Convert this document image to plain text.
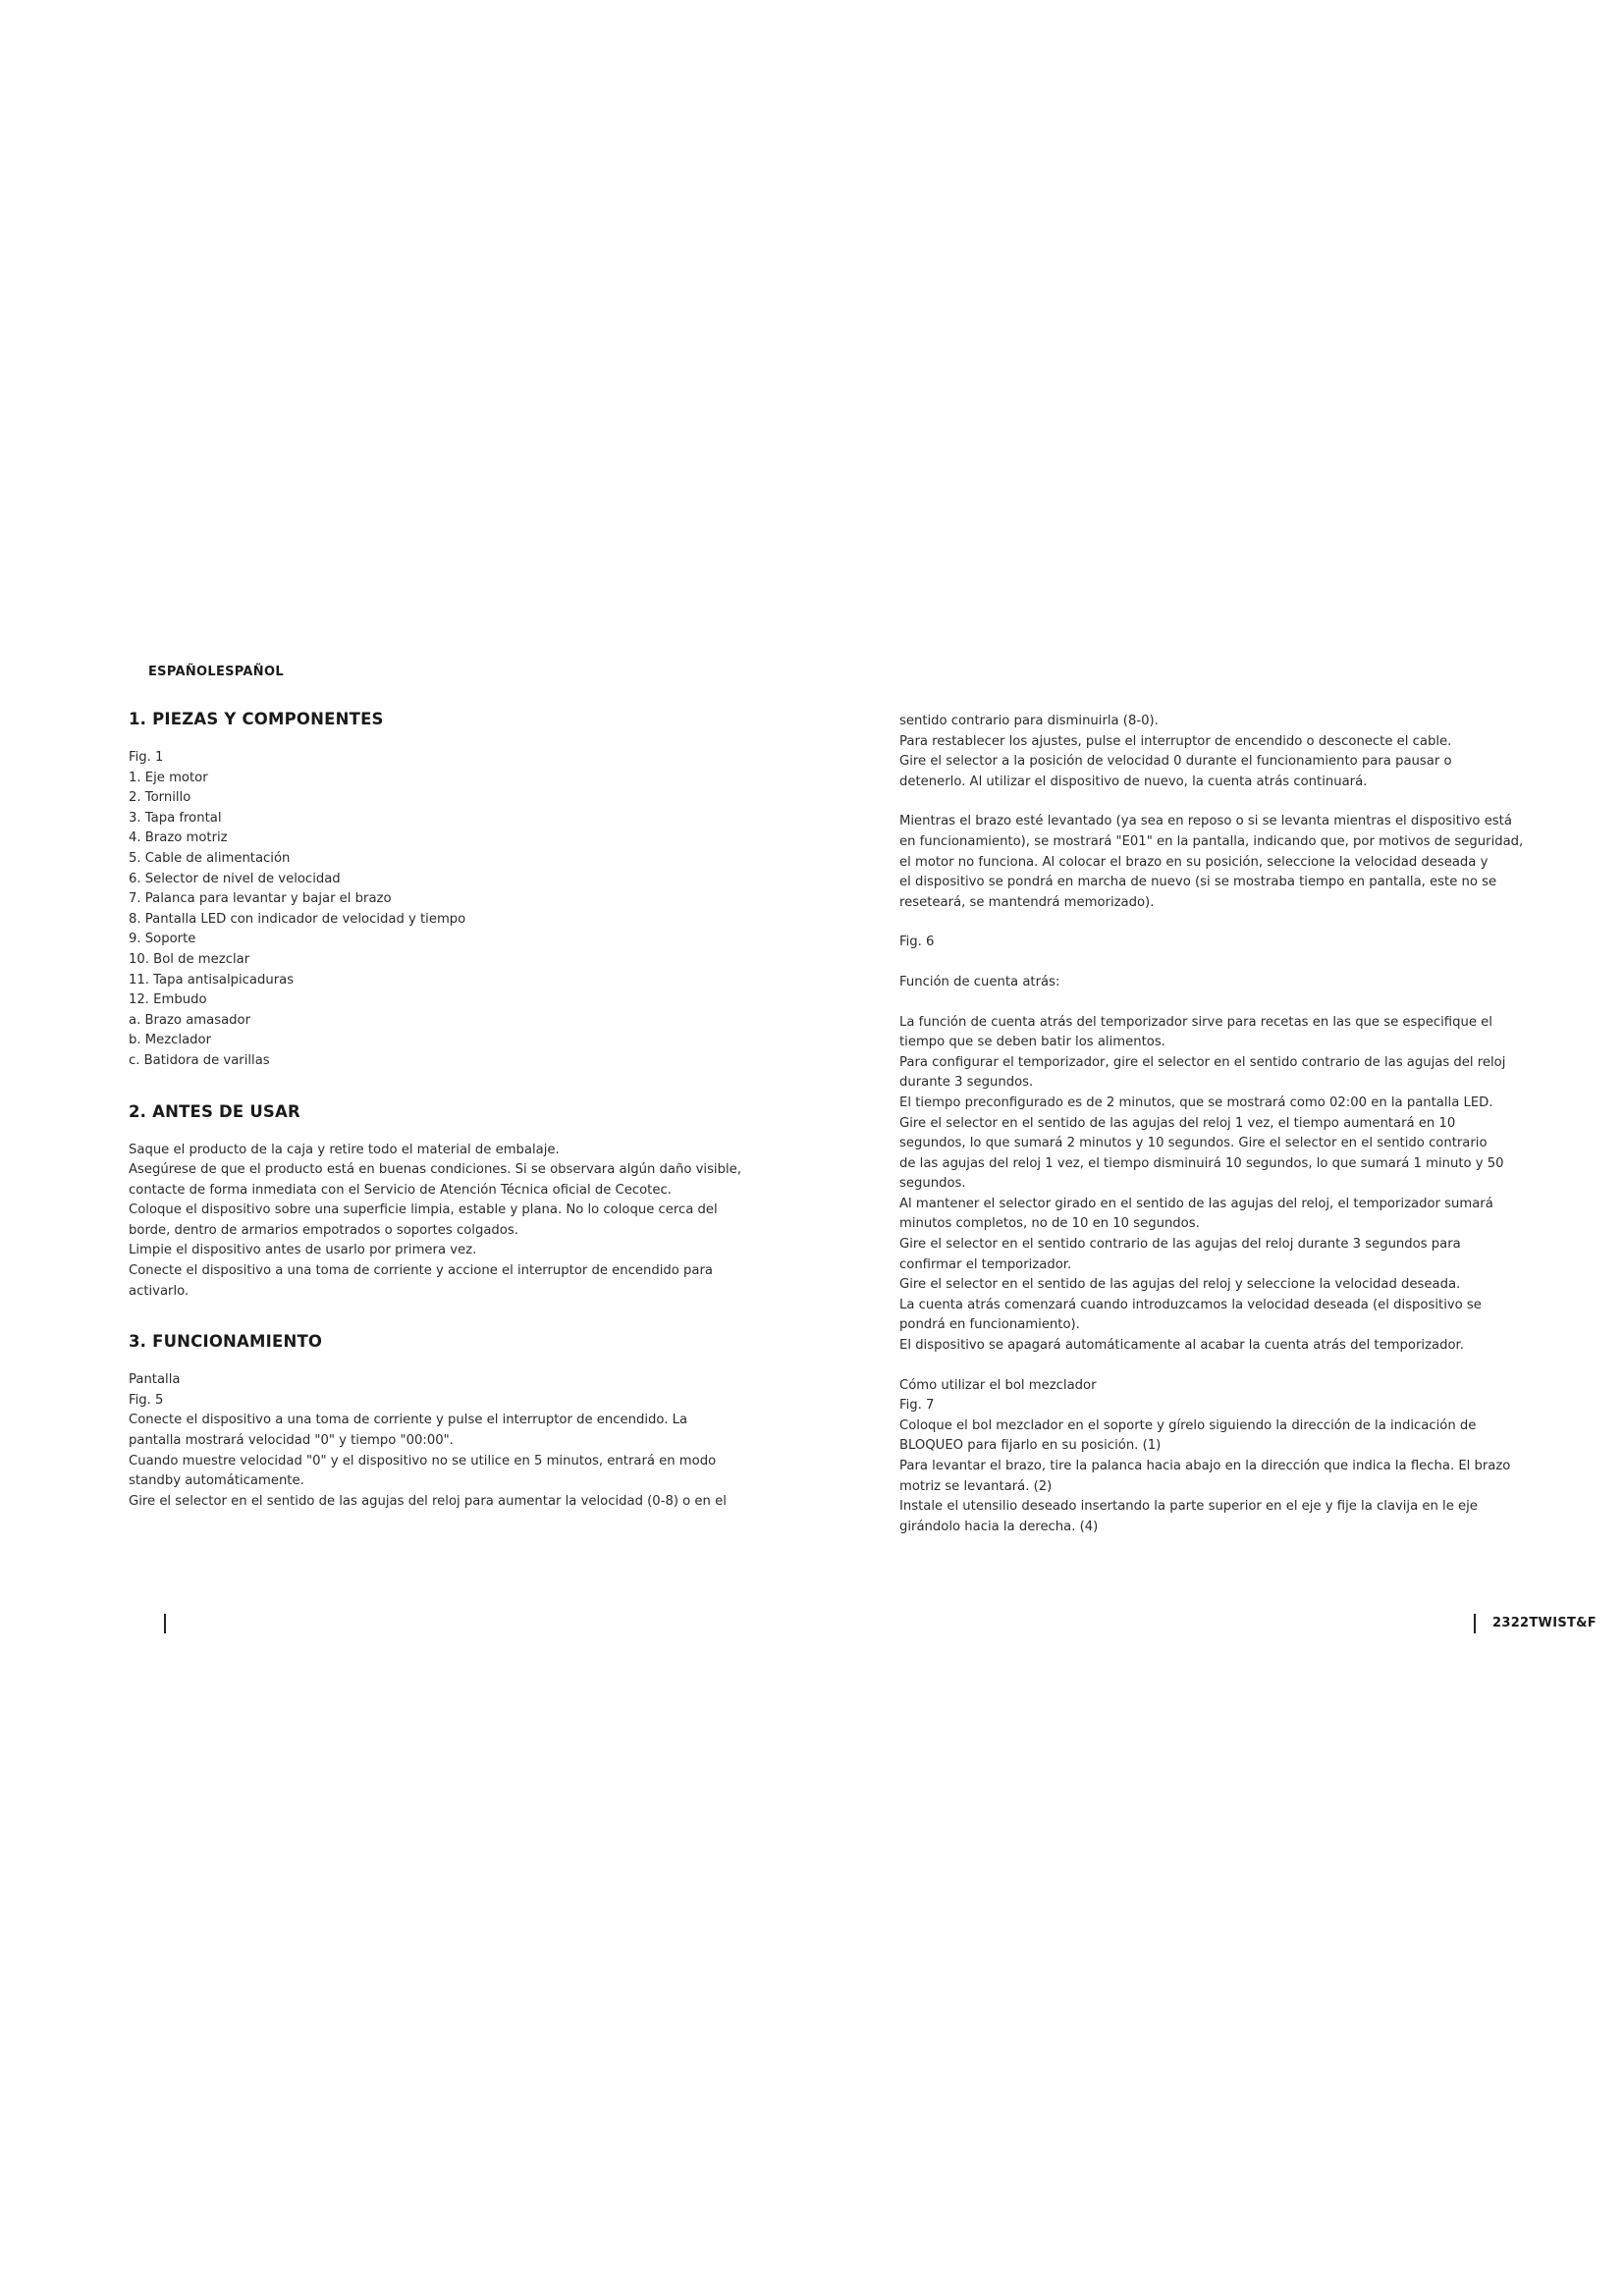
ESPAÑOLESPAÑOL
1. PIEZAS Y COMPONENTES

Fig. 1

1. Eje motor
2. Tornillo
3. Tapa frontal
4. Brazo motriz
5. Cable de alimentación
6. Selector de nivel de velocidad
7. Palanca para levantar y bajar el brazo
8. Pantalla LED con indicador de velocidad y tiempo
9. Soporte
10. Bol de mezclar
11. Tapa antisalpicaduras
12. Embudo
a. Brazo amasador
b. Mezclador
c. Batidora de varillas
2. ANTES DE USAR

Saque el producto de la caja y retire todo el material de embalaje.

Asegúrese de que el producto está en buenas condiciones. Si se observara algún daño visible,

contacte de forma inmediata con el Servicio de Atención Técnica oficial de Cecotec.

Coloque el dispositivo sobre una superficie limpia, estable y plana. No lo coloque cerca del

borde, dentro de armarios empotrados o soportes colgados.

Limpie el dispositivo antes de usarlo por primera vez.

Conecte el dispositivo a una toma de corriente y accione el interruptor de encendido para

activarlo.

3. FUNCIONAMIENTO

Pantalla

Fig. 5

Conecte el dispositivo a una toma de corriente y pulse el interruptor de encendido. La

pantalla mostrará velocidad "0" y tiempo "00:00".

Cuando muestre velocidad "0" y el dispositivo no se utilice en 5 minutos, entrará en modo

standby automáticamente.

Gire el selector en el sentido de las agujas del reloj para aumentar la velocidad (0-8) o en el

sentido contrario para disminuirla (8-0).

Para restablecer los ajustes, pulse el interruptor de encendido o desconecte el cable.

Gire el selector a la posición de velocidad 0 durante el funcionamiento para pausar o

detenerlo. Al utilizar el dispositivo de nuevo, la cuenta atrás continuará.

Mientras el brazo esté levantado (ya sea en reposo o si se levanta mientras el dispositivo está

en funcionamiento), se mostrará "E01" en la pantalla, indicando que, por motivos de seguridad,

el motor no funciona. Al colocar el brazo en su posición, seleccione la velocidad deseada y

el dispositivo se pondrá en marcha de nuevo (si se mostraba tiempo en pantalla, este no se

reseteará, se mantendrá memorizado).

Fig. 6

Función de cuenta atrás:

La función de cuenta atrás del temporizador sirve para recetas en las que se especifique el

tiempo que se deben batir los alimentos.

Para configurar el temporizador, gire el selector en el sentido contrario de las agujas del reloj

durante 3 segundos.

El tiempo preconfigurado es de 2 minutos, que se mostrará como 02:00 en la pantalla LED.

Gire el selector en el sentido de las agujas del reloj 1 vez, el tiempo aumentará en 10

segundos, lo que sumará 2 minutos y 10 segundos. Gire el selector en el sentido contrario

de las agujas del reloj 1 vez, el tiempo disminuirá 10 segundos, lo que sumará 1 minuto y 50

segundos.

Al mantener el selector girado en el sentido de las agujas del reloj, el temporizador sumará

minutos completos, no de 10 en 10 segundos.

Gire el selector en el sentido contrario de las agujas del reloj durante 3 segundos para

confirmar el temporizador.

Gire el selector en el sentido de las agujas del reloj y seleccione la velocidad deseada.

La cuenta atrás comenzará cuando introduzcamos la velocidad deseada (el dispositivo se

pondrá en funcionamiento).

El dispositivo se apagará automáticamente al acabar la cuenta atrás del temporizador.

Cómo utilizar el bol mezclador

Fig. 7

Coloque el bol mezclador en el soporte y gírelo siguiendo la dirección de la indicación de

BLOQUEO para fijarlo en su posición. (1)

Para levantar el brazo, tire la palanca hacia abajo en la dirección que indica la flecha. El brazo

motriz se levantará. (2)

Instale el utensilio deseado insertando la parte superior en el eje y fije la clavija en le eje

girándolo hacia la derecha. (4)

2322TWIST&F
